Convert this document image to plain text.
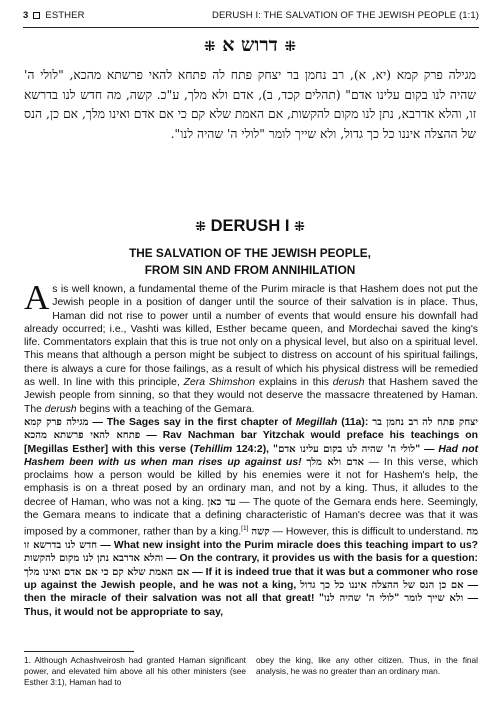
3 ESTHER	DERUSH I: THE SALVATION OF THE JEWISH PEOPLE (1:1)
⁜ דרוש א ⁜
מגילה פרק קמא (יא, א), רב נחמן בר יצחק פתח לה פתחא להאי פרשתא מהכא, "לולי ה' שהיה לנו בקום עלינו אדם" (תהלים קכד, ב), אדם ולא מלך, ע"כ. קשה, מה חדש לנו בדרשא זו, והלא אדרבא, נתן לנו מקום להקשות, אם האמת שלא קם כי אם אדם ואינו מלך, אם כן, הנס של ההצלה איננו כל כך גדול, ולא שייך לומר "לולי ה' שהיה לנו".
⁜ DERUSH I ⁜
THE SALVATION OF THE JEWISH PEOPLE,
FROM SIN AND FROM ANNIHILATION

As is well known, a fundamental theme of the Purim miracle is that Hashem does not put the Jewish people in a position of danger until the source of their salvation is in place. Thus, Haman did not rise to power until a number of events that would ensure his downfall had already occurred; i.e., Vashti was killed, Esther became queen, and Mordechai saved the king's life. Commentators explain that this is true not only on a physical level, but also on a spiritual level. This means that although a person might be subject to distress on account of his spiritual failings, there is always a cure for those failings, as a result of which his physical distress will be remedied as well. In line with this principle, Zera Shimshon explains in this derush that Hashem saved the Jewish people from sinning, so that they would not deserve the massacre threatened by Haman. The derush begins with a teaching of the Gemara.

מגילה פרק קמא — The Sages say in the first chapter of Megillah (11a): רב נחמן בר יצחק פתח לה פתחא להאי פרשתא מהכא — Rav Nachman bar Yitzchak would preface his teachings on [Megillas Esther] with this verse (Tehillim 124:2), "לולי ה' שהיה לנו בקום עלינו אדם" — Had not Hashem been with us when man rises up against us! אדם ולא מלך — In this verse, which proclaims how a person would be killed by his enemies were it not for Hashem's help, the emphasis is on a threat posed by an ordinary man, and not by a king. Thus, it alludes to the decree of Haman, who was not a king. עד כאן — The quote of the Gemara ends here. Seemingly, the Gemara means to indicate that a defining characteristic of Haman's decree was that it was imposed by a commoner, rather than by a king.[1] קשה — However, this is difficult to understand. מה חדש לנו בדרשא זו — What new insight into the Purim miracle does this teaching impart to us? והלא אדרבא נתן לנו מקום להקשות — On the contrary, it provides us with the basis for a question: אם האמת שלא קם כי אם אדם ואינו מלך — If it is indeed true that it was but a commoner who rose up against the Jewish people, and he was not a king, אם כן הנס של ההצלה איננו כל כך גדול — then the miracle of their salvation was not all that great! ולא שייך לומר "לולי ה' שהיה לנו" — Thus, it would not be appropriate to say,

1. Although Achashveirosh had granted Haman significant power, and elevated him above all his other ministers (see Esther 3:1), Haman had to
obey the king, like any other citizen. Thus, in the final analysis, he was no greater than an ordinary man.
